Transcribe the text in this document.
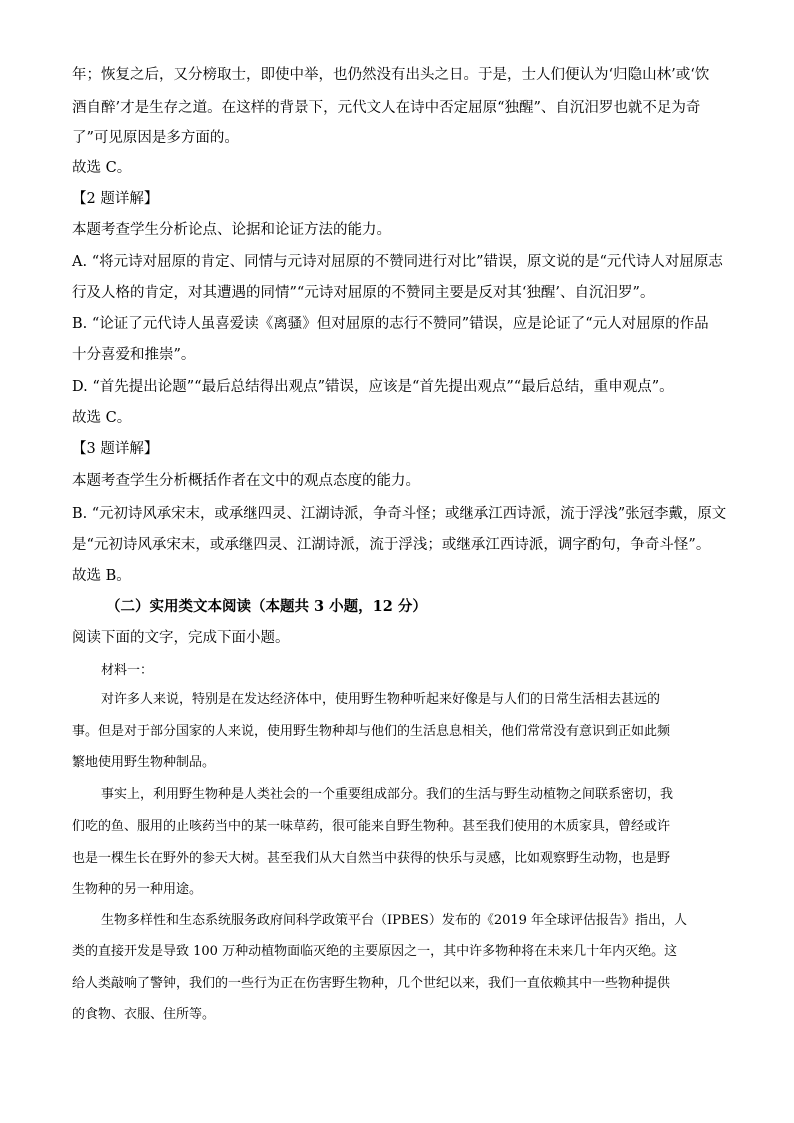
年；恢复之后，又分榜取士，即使中举，也仍然没有出头之日。于是，士人们便认为‘归隐山林’或‘饮
酒自醉’才是生存之道。在这样的背景下，元代文人在诗中否定屈原“独醒”、自沉汨罗也就不足为奇
了”可见原因是多方面的。
故选 C。
【2 题详解】
本题考查学生分析论点、论据和论证方法的能力。
A. “将元诗对屈原的肯定、同情与元诗对屈原的不赞同进行对比”错误，原文说的是“元代诗人对屈原志
行及人格的肯定，对其遭遇的同情”“元诗对屈原的不赞同主要是反对其‘独醒’、自沉汨罗”。
B. “论证了元代诗人虽喜爱读《离骚》但对屈原的志行不赞同”错误，应是论证了“元人对屈原的作品
十分喜爱和推崇”。
D. “首先提出论题”“最后总结得出观点”错误，应该是“首先提出观点”“最后总结，重申观点”。
故选 C。
【3 题详解】
本题考查学生分析概括作者在文中的观点态度的能力。
B. “元初诗风承宋末，或承继四灵、江湖诗派，争奇斗怪；或继承江西诗派，流于浮浅”张冠李戴，原文
是“元初诗风承宋末，或承继四灵、江湖诗派，流于浮浅；或继承江西诗派，调字酌句，争奇斗怪”。
故选 B。
（二）实用类文本阅读（本题共 3 小题，12 分）
阅读下面的文字，完成下面小题。
材料一：
对许多人来说，特别是在发达经济体中，使用野生物种听起来好像是与人们的日常生活相去甚远的
事。但是对于部分国家的人来说，使用野生物种却与他们的生活息息相关，他们常常没有意识到正如此频
繁地使用野生物种制品。
事实上，利用野生物种是人类社会的一个重要组成部分。我们的生活与野生动植物之间联系密切，我
们吃的鱼、服用的止咳药当中的某一味草药，很可能来自野生物种。甚至我们使用的木质家具，曾经或许
也是一棵生长在野外的参天大树。甚至我们从大自然当中获得的快乐与灵感，比如观察野生动物，也是野
生物种的另一种用途。
生物多样性和生态系统服务政府间科学政策平台（IPBES）发布的《2019 年全球评估报告》指出，人
类的直接开发是导致 100 万种动植物面临灭绝的主要原因之一，其中许多物种将在未来几十年内灭绝。这
给人类敲响了警钟，我们的一些行为正在伤害野生物种，几个世纪以来，我们一直依赖其中一些物种提供
的食物、衣服、住所等。
